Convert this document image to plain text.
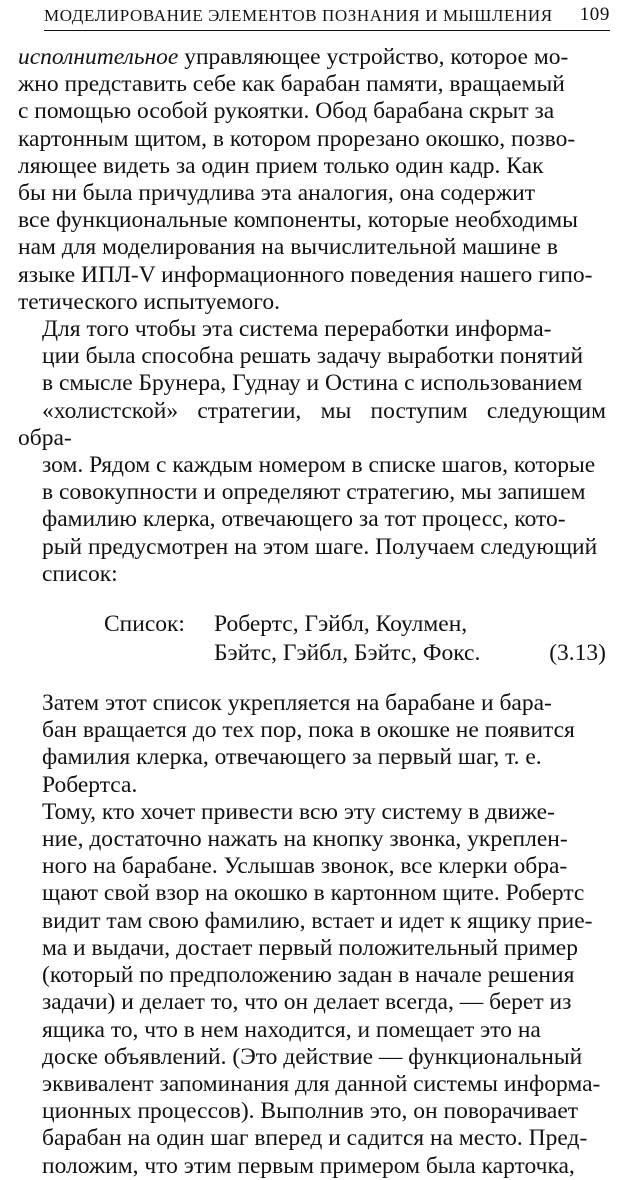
МОДЕЛИРОВАНИЕ ЭЛЕМЕНТОВ ПОЗНАНИЯ И МЫШЛЕНИЯ 109

исполнительное управляющее устройство, которое мо-
жно представить себе как барабан памяти, вращаемый
с помощью особой рукоятки. Обод барабана скрыт за
картонным щитом, в котором прорезано окошко, позво-
ляющее видеть за один прием только один кадр. Как
бы ни была причудлива эта аналогия, она содержит
все функциональные компоненты, которые необходимы
нам для моделирования на вычислительной машине в
языке ИПЛ-V информационного поведения нашего гипо-
тетического испытуемого.

Для того чтобы эта система переработки информа-
ции была способна решать задачу выработки понятий
в смысле Брунера, Гуднау и Остина с использованием
«холистской» стратегии, мы поступим следующим обра-
зом. Рядом с каждым номером в списке шагов, которые
в совокупности и определяют стратегию, мы запишем
фамилию клерка, отвечающего за тот процесс, кото-
рый предусмотрен на этом шаге. Получаем следующий
список:

Список: Робертс, Гэйбл, Коулмен,
Бэйтс, Гэйбл, Бэйтс, Фокс.	(3.13)

Затем этот список укрепляется на барабане и бара-
бан вращается до тех пор, пока в окошке не появится
фамилия клерка, отвечающего за первый шаг, т. е.
Робертса.

Тому, кто хочет привести всю эту систему в движе-
ние, достаточно нажать на кнопку звонка, укреплен-
ного на барабане. Услышав звонок, все клерки обра-
щают свой взор на окошко в картонном щите. Робертс
видит там свою фамилию, встает и идет к ящику прие-
ма и выдачи, достает первый положительный пример
(который по предположению задан в начале решения
задачи) и делает то, что он делает всегда, — берет из
ящика то, что в нем находится, и помещает это на
доске объявлений. (Это действие — функциональный
эквивалент запоминания для данной системы информа-
ционных процессов). Выполнив это, он поворачивает
барабан на один шаг вперед и садится на место. Пред-
положим, что этим первым примером была карточка,
